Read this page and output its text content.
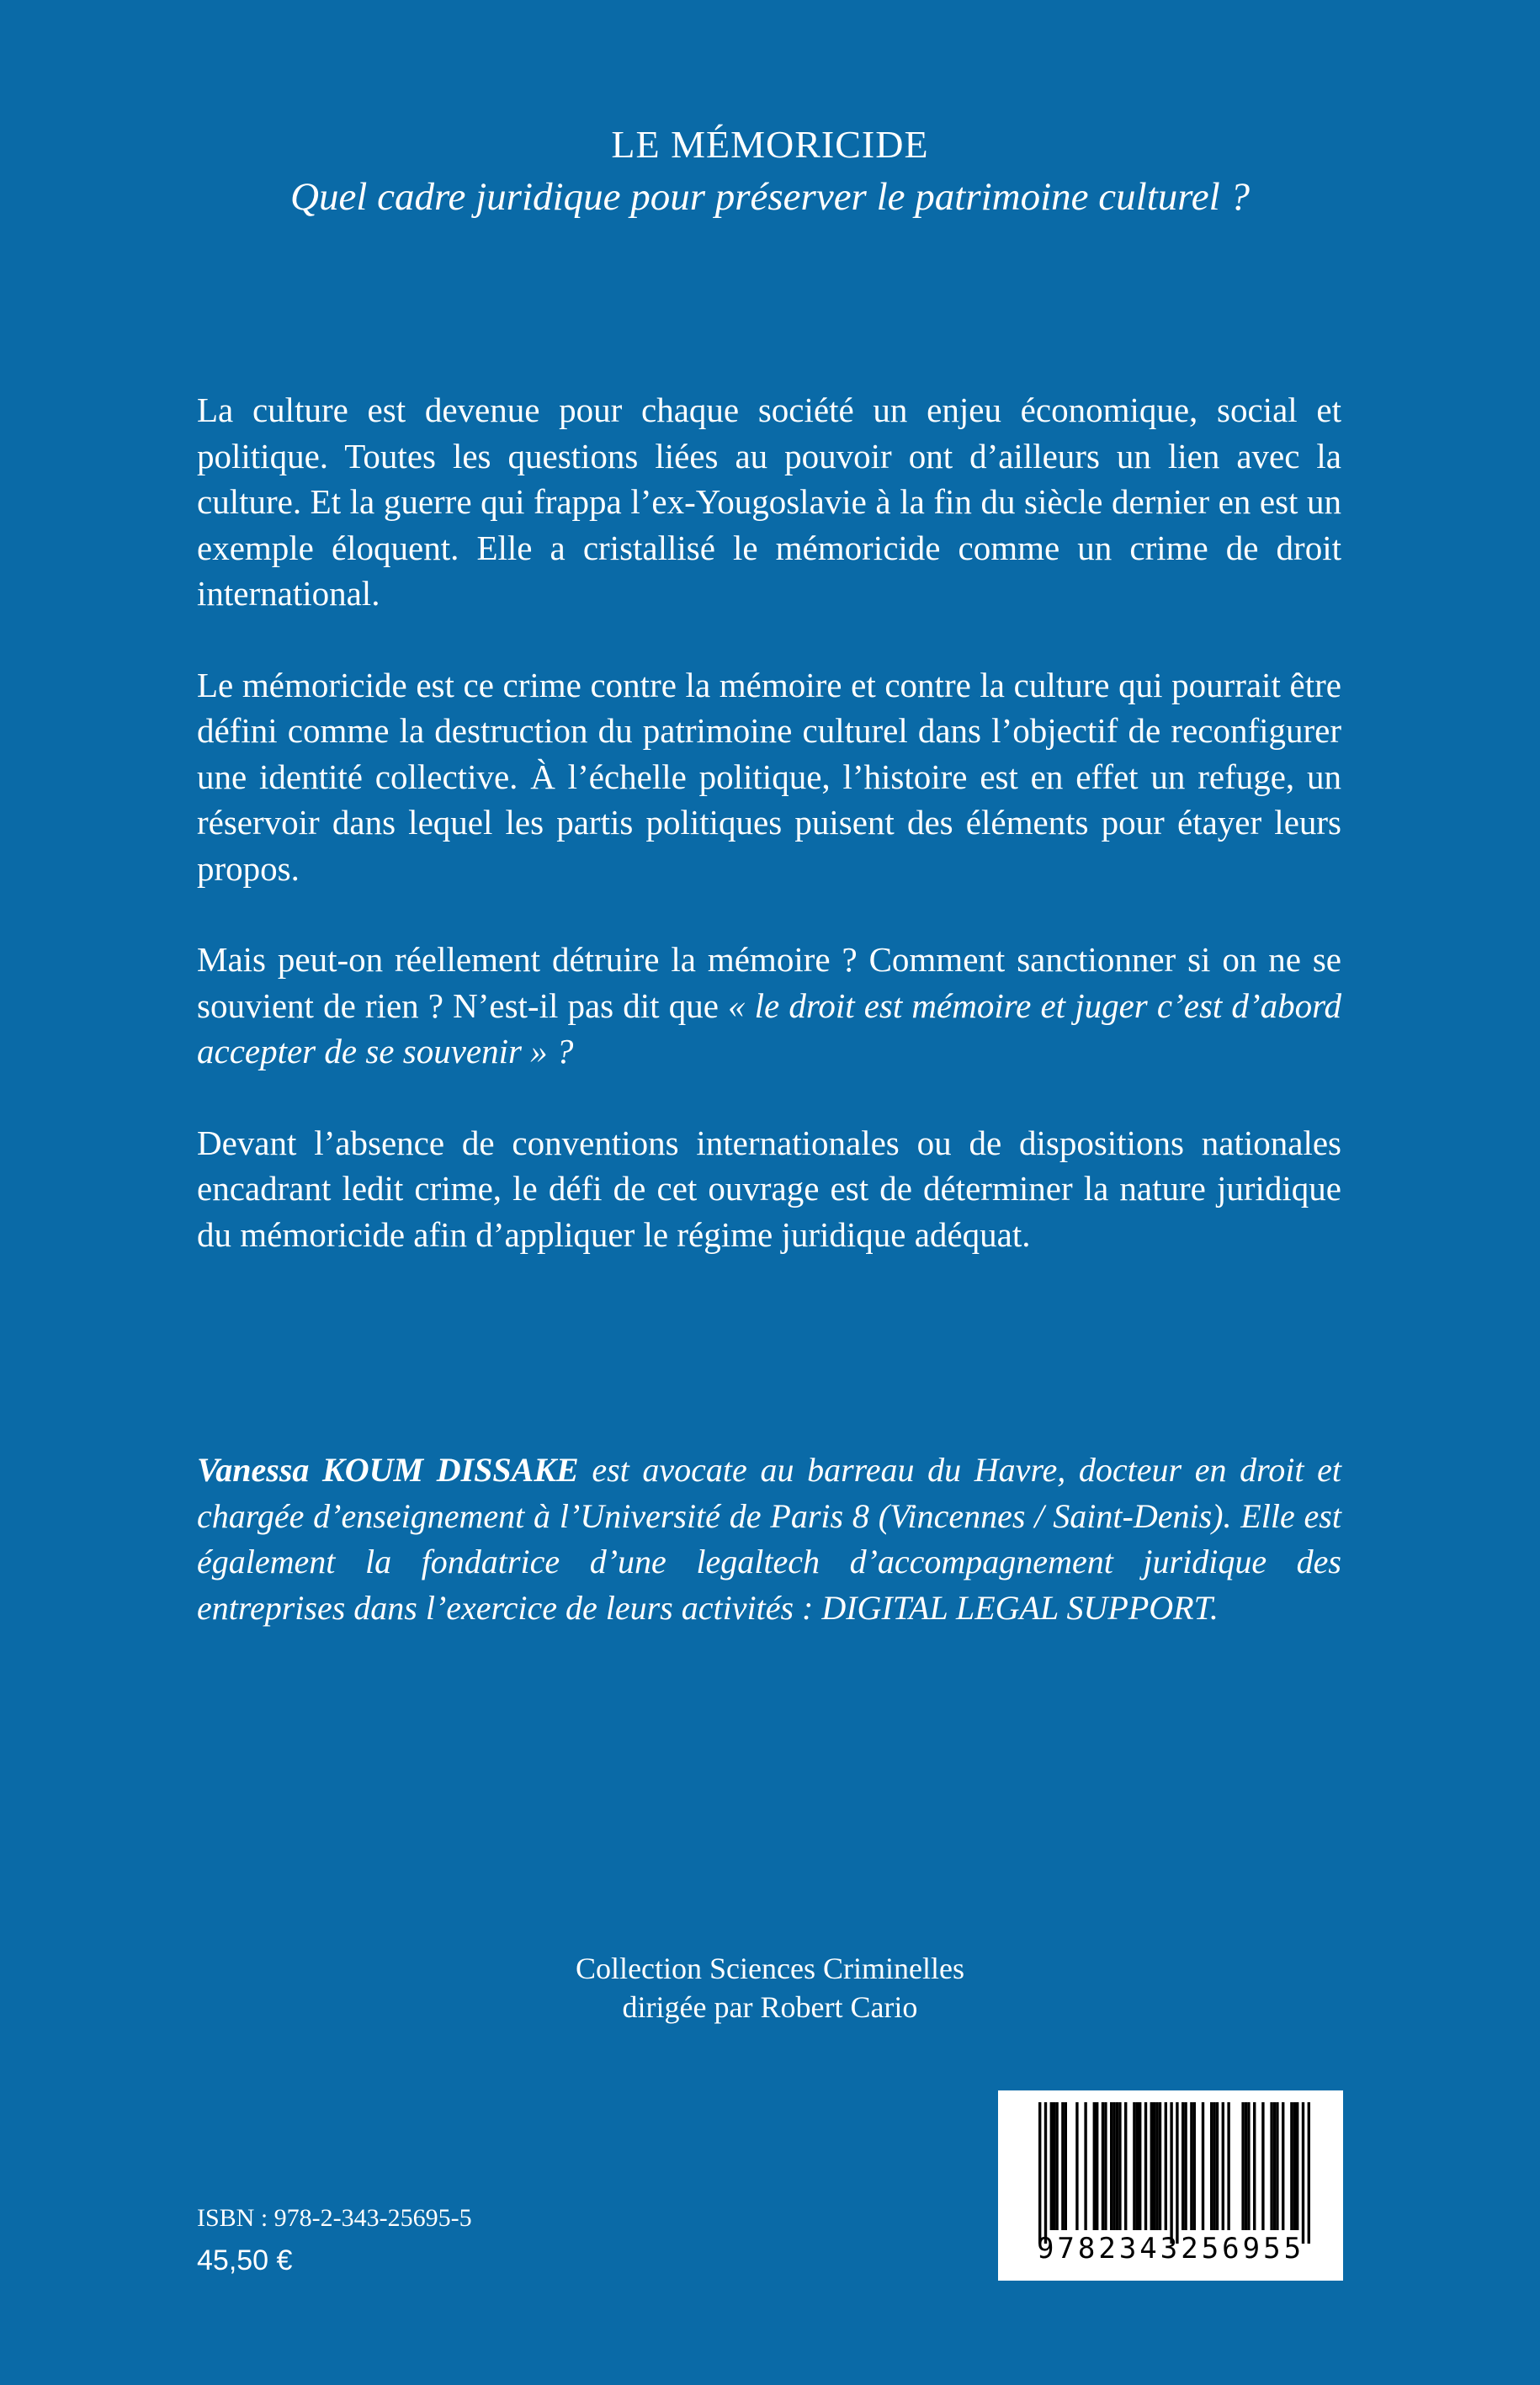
LE MÉMORICIDE
Quel cadre juridique pour préserver le patrimoine culturel ?

La culture est devenue pour chaque société un enjeu économique, social et politique. Toutes les questions liées au pouvoir ont d’ailleurs un lien avec la culture. Et la guerre qui frappa l’ex-Yougoslavie à la fin du siècle dernier en est un exemple éloquent. Elle a cristallisé le mémoricide comme un crime de droit international.

Le mémoricide est ce crime contre la mémoire et contre la culture qui pourrait être défini comme la destruction du patrimoine culturel dans l’objectif de reconfigurer une identité collective. À l’échelle politique, l’histoire est en effet un refuge, un réservoir dans lequel les partis politiques puisent des éléments pour étayer leurs propos.

Mais peut-on réellement détruire la mémoire ? Comment sanctionner si on ne se souvient de rien ? N’est-il pas dit que « le droit est mémoire et juger c’est d’abord accepter de se souvenir » ?

Devant l’absence de conventions internationales ou de dispositions nationales encadrant ledit crime, le défi de cet ouvrage est de déterminer la nature juridique du mémoricide afin d’appliquer le régime juridique adéquat.

Vanessa KOUM DISSAKE est avocate au barreau du Havre, docteur en droit et chargée d’enseignement à l’Université de Paris 8 (Vincennes / Saint-Denis). Elle est également la fondatrice d’une legaltech d’accompagnement juridique des entreprises dans l’exercice de leurs activités : DIGITAL LEGAL SUPPORT.
Collection Sciences Criminelles
dirigée par Robert Cario
ISBN : 978-2-343-25695-5
45,50 €	9782343256955
